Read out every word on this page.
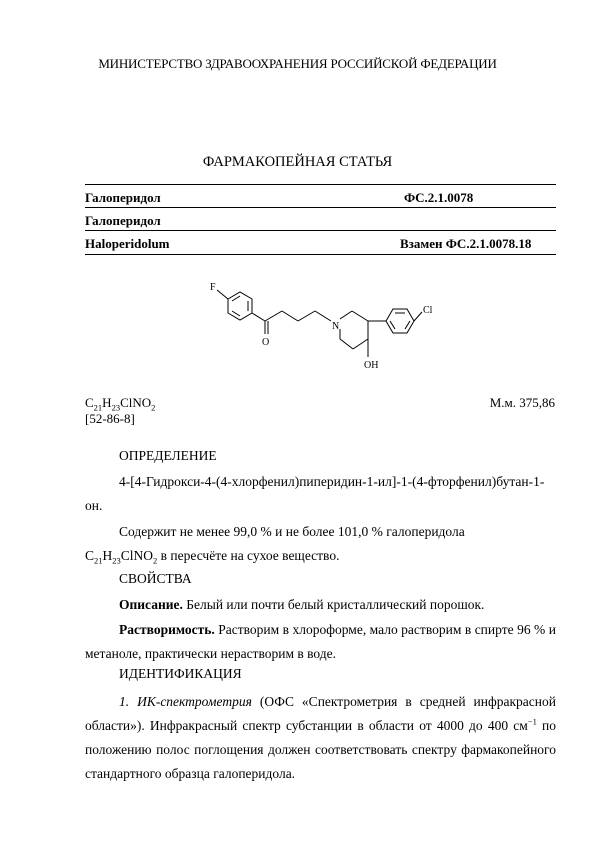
МИНИСТЕРСТВО ЗДРАВООХРАНЕНИЯ РОССИЙСКОЙ ФЕДЕРАЦИИ
ФАРМАКОПЕЙНАЯ СТАТЬЯ
Галоперидол	ФС.2.1.0078
Галоперидол
Haloperidolum	Взамен ФС.2.1.0078.18
F
O
N
OH
Cl
$C_{21}H_{23}ClNO_2$
[52-86-8]
М.м. 375,86
ОПРЕДЕЛЕНИЕ
4-[4-Гидрокси-4-(4-хлорфенил)пиперидин-1-ил]-1-(4-фторфенил)бутан-1-он.
Содержит не менее 99,0 % и не более 101,0 % галоперидола
$C_{21}H_{23}ClNO_2$ в пересчёте на сухое вещество.
СВОЙСТВА
Описание. Белый или почти белый кристаллический порошок.
Растворимость. Растворим в хлороформе, мало растворим в спирте 96 % и метаноле, практически нерастворим в воде.
ИДЕНТИФИКАЦИЯ
1. ИК-спектрометрия (ОФС «Спектрометрия в средней инфракрасной области»). Инфракрасный спектр субстанции в области от 4000 до 400 $см^{-1}$ по положению полос поглощения должен соответствовать спектру фармакопейного стандартного образца галоперидола.
